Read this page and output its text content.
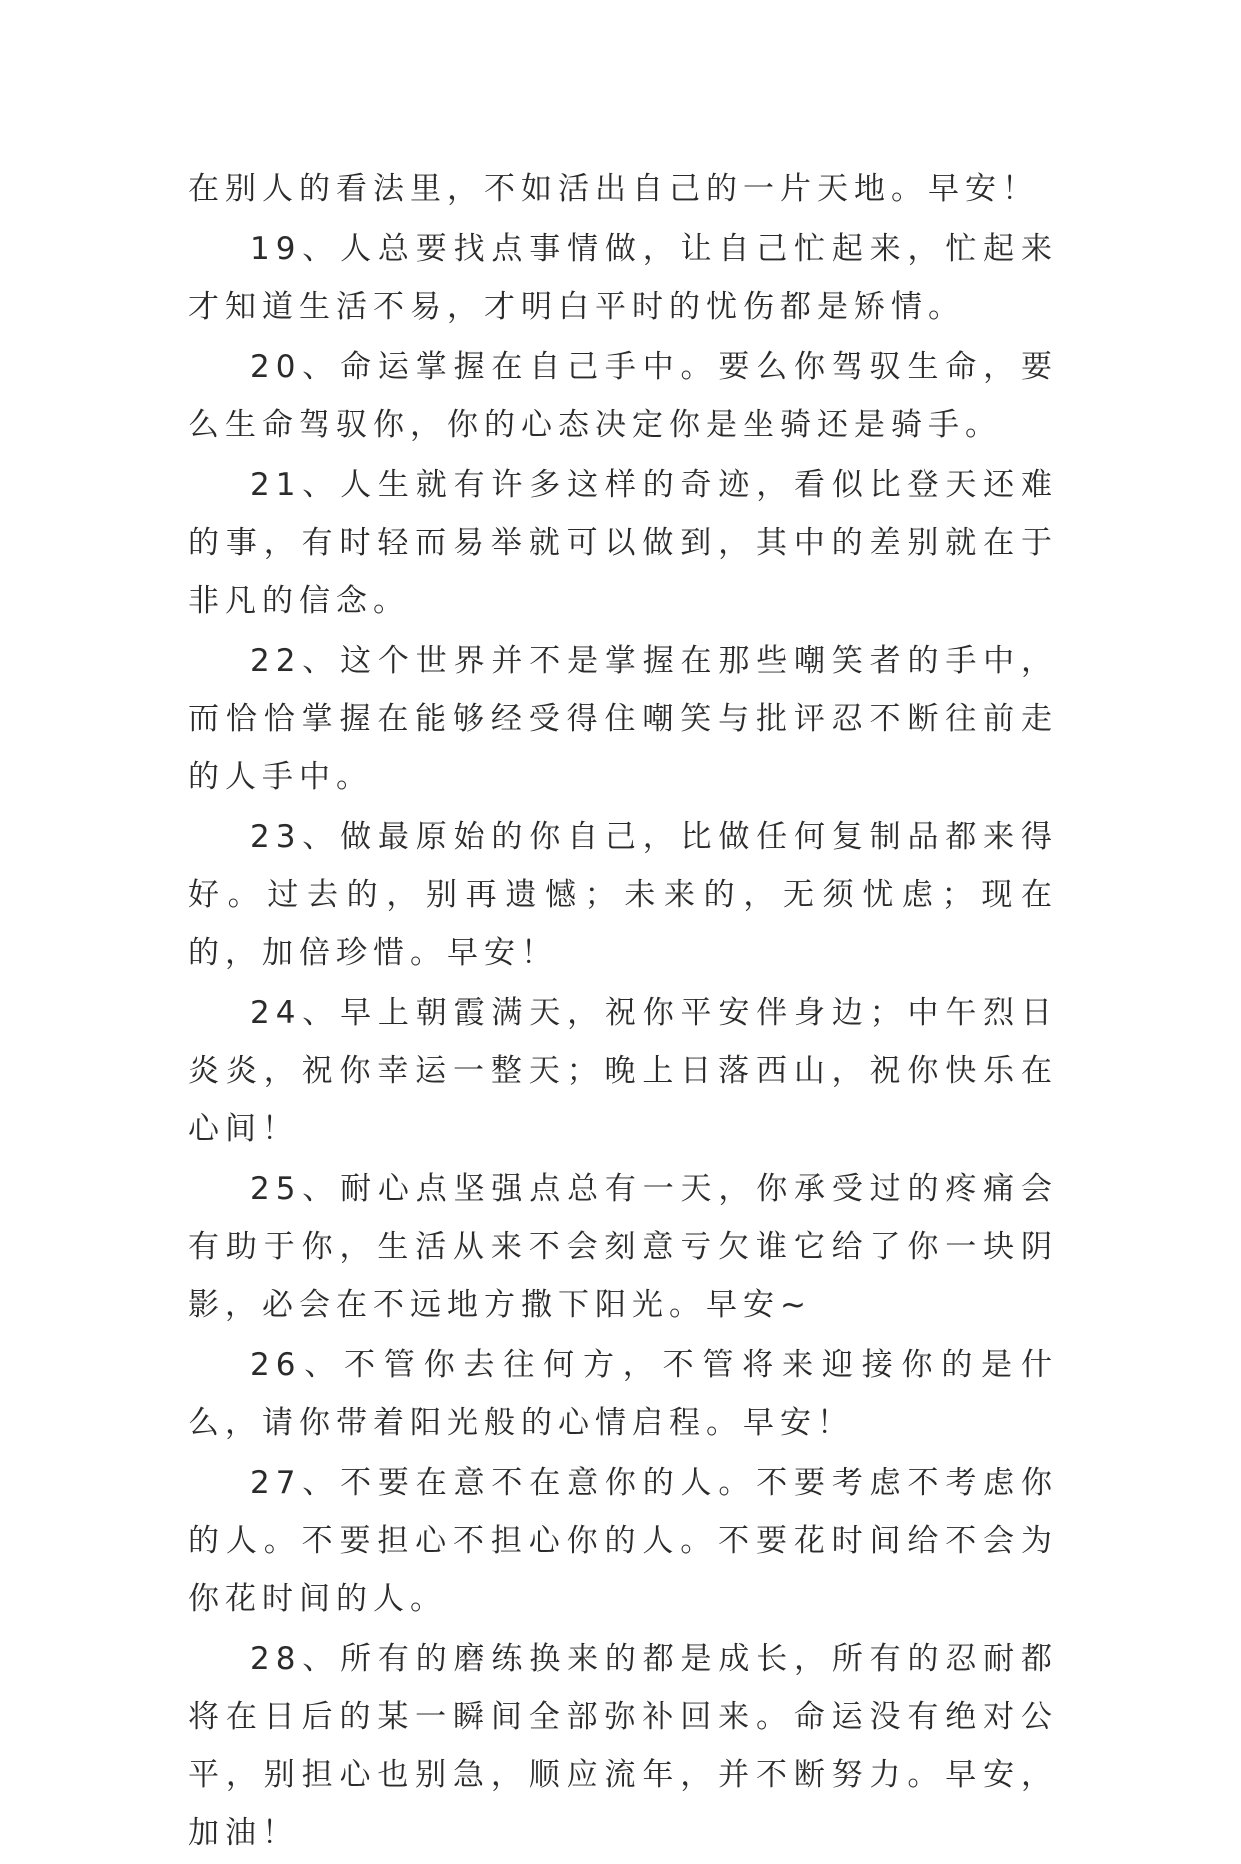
在别人的看法里，不如活出自己的一片天地。早安！

19、人总要找点事情做，让自己忙起来，忙起来才知道生活不易，才明白平时的忧伤都是矫情。

20、命运掌握在自己手中。要么你驾驭生命，要么生命驾驭你，你的心态决定你是坐骑还是骑手。

21、人生就有许多这样的奇迹，看似比登天还难的事，有时轻而易举就可以做到，其中的差别就在于非凡的信念。

22、这个世界并不是掌握在那些嘲笑者的手中，而恰恰掌握在能够经受得住嘲笑与批评忍不断往前走的人手中。

23、做最原始的你自己，比做任何复制品都来得好。过去的，别再遗憾；未来的，无须忧虑；现在的，加倍珍惜。早安！

24、早上朝霞满天，祝你平安伴身边；中午烈日炎炎，祝你幸运一整天；晚上日落西山，祝你快乐在心间！

25、耐心点坚强点总有一天，你承受过的疼痛会有助于你，生活从来不会刻意亏欠谁它给了你一块阴影，必会在不远地方撒下阳光。早安~

26、不管你去往何方，不管将来迎接你的是什么，请你带着阳光般的心情启程。早安！

27、不要在意不在意你的人。不要考虑不考虑你的人。不要担心不担心你的人。不要花时间给不会为你花时间的人。

28、所有的磨练换来的都是成长，所有的忍耐都将在日后的某一瞬间全部弥补回来。命运没有绝对公平，别担心也别急，顺应流年，并不断努力。早安，加油！
